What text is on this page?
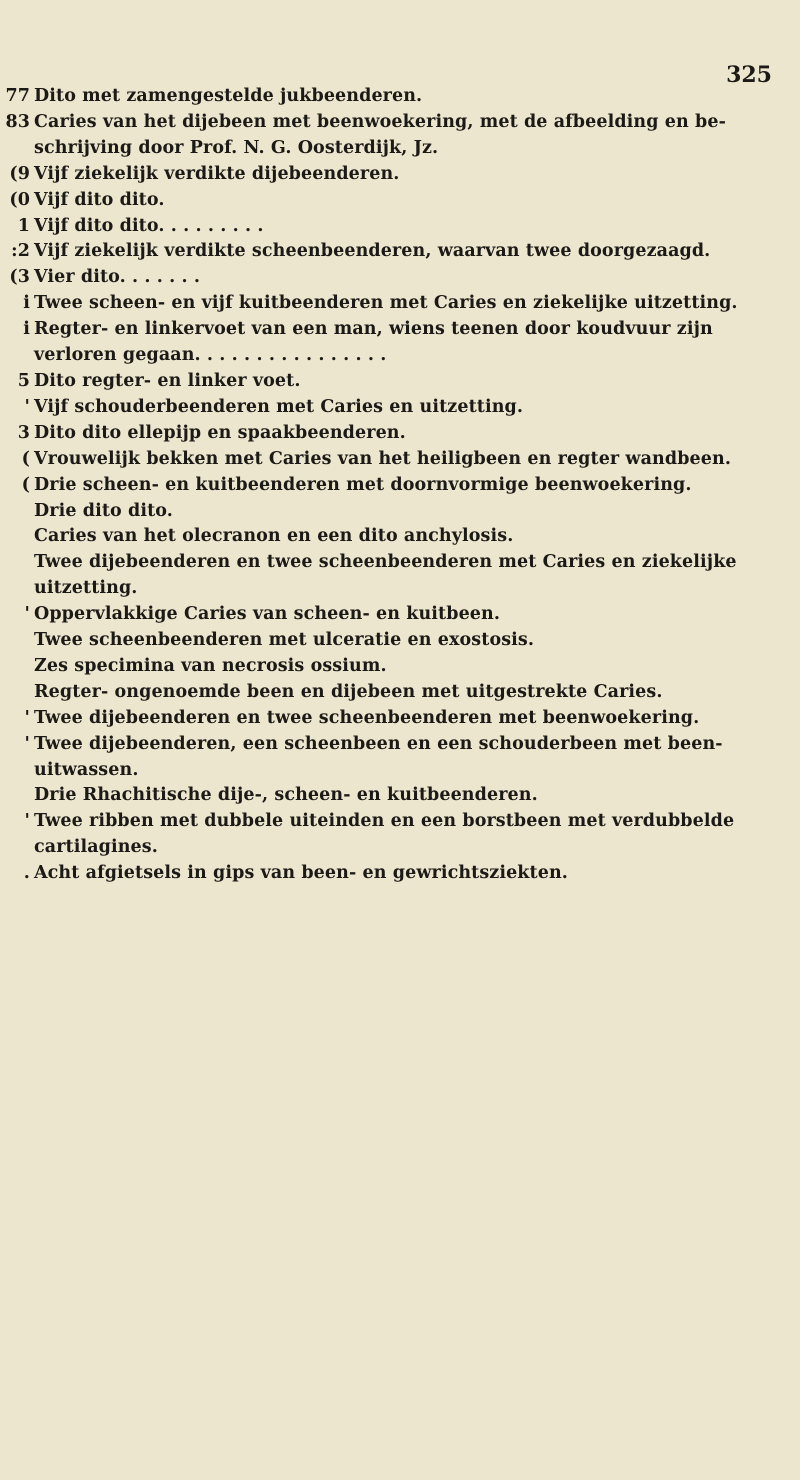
325
77 Dito met zamengestelde jukbeenderen.
83 Caries van het dijebeen met beenwoekering, met de afbeelding en be-
schrijving door Prof. N. G. Oosterdijk, Jz.
9) Vijf ziekelijk verdikte dijebeenderen.
0) Vijf dito dito.
1 Vijf dito dito. . . . . . . . .
2: Vijf ziekelijk verdikte scheenbeenderen, waarvan twee doorgezaagd.
3) Vier dito. . . . . . .
i Twee scheen- en vijf kuitbeenderen met Caries en ziekelijke uitzetting.
i Regter- en linkervoet van een man, wiens teenen door koudvuur zijn
verloren gegaan. . . . . . . . . . . . . . . .
5 Dito regter- en linker voet.
' Vijf schouderbeenderen met Caries en uitzetting.
3 Dito dito ellepijp en spaakbeenderen.
) Vrouwelijk bekken met Caries van het heiligbeen en regter wandbeen.
) Drie scheen- en kuitbeenderen met doornvormige beenwoekering.
Drie dito dito.
Caries van het olecranon en een dito anchylosis.
Twee dijebeenderen en twee scheenbeenderen met Caries en ziekelijke
uitzetting.
' Oppervlakkige Caries van scheen- en kuitbeen.
Twee scheenbeenderen met ulceratie en exostosis.
Zes specimina van necrosis ossium.
Regter- ongenoemde been en dijebeen met uitgestrekte Caries.
' Twee dijebeenderen en twee scheenbeenderen met beenwoekering.
' Twee dijebeenderen, een scheenbeen en een schouderbeen met been-
uitwassen.
Drie Rhachitische dije-, scheen- en kuitbeenderen.
' Twee ribben met dubbele uiteinden en een borstbeen met verdubbelde
cartilagines.
. Acht afgietsels in gips van been- en gewrichtsziekten.
